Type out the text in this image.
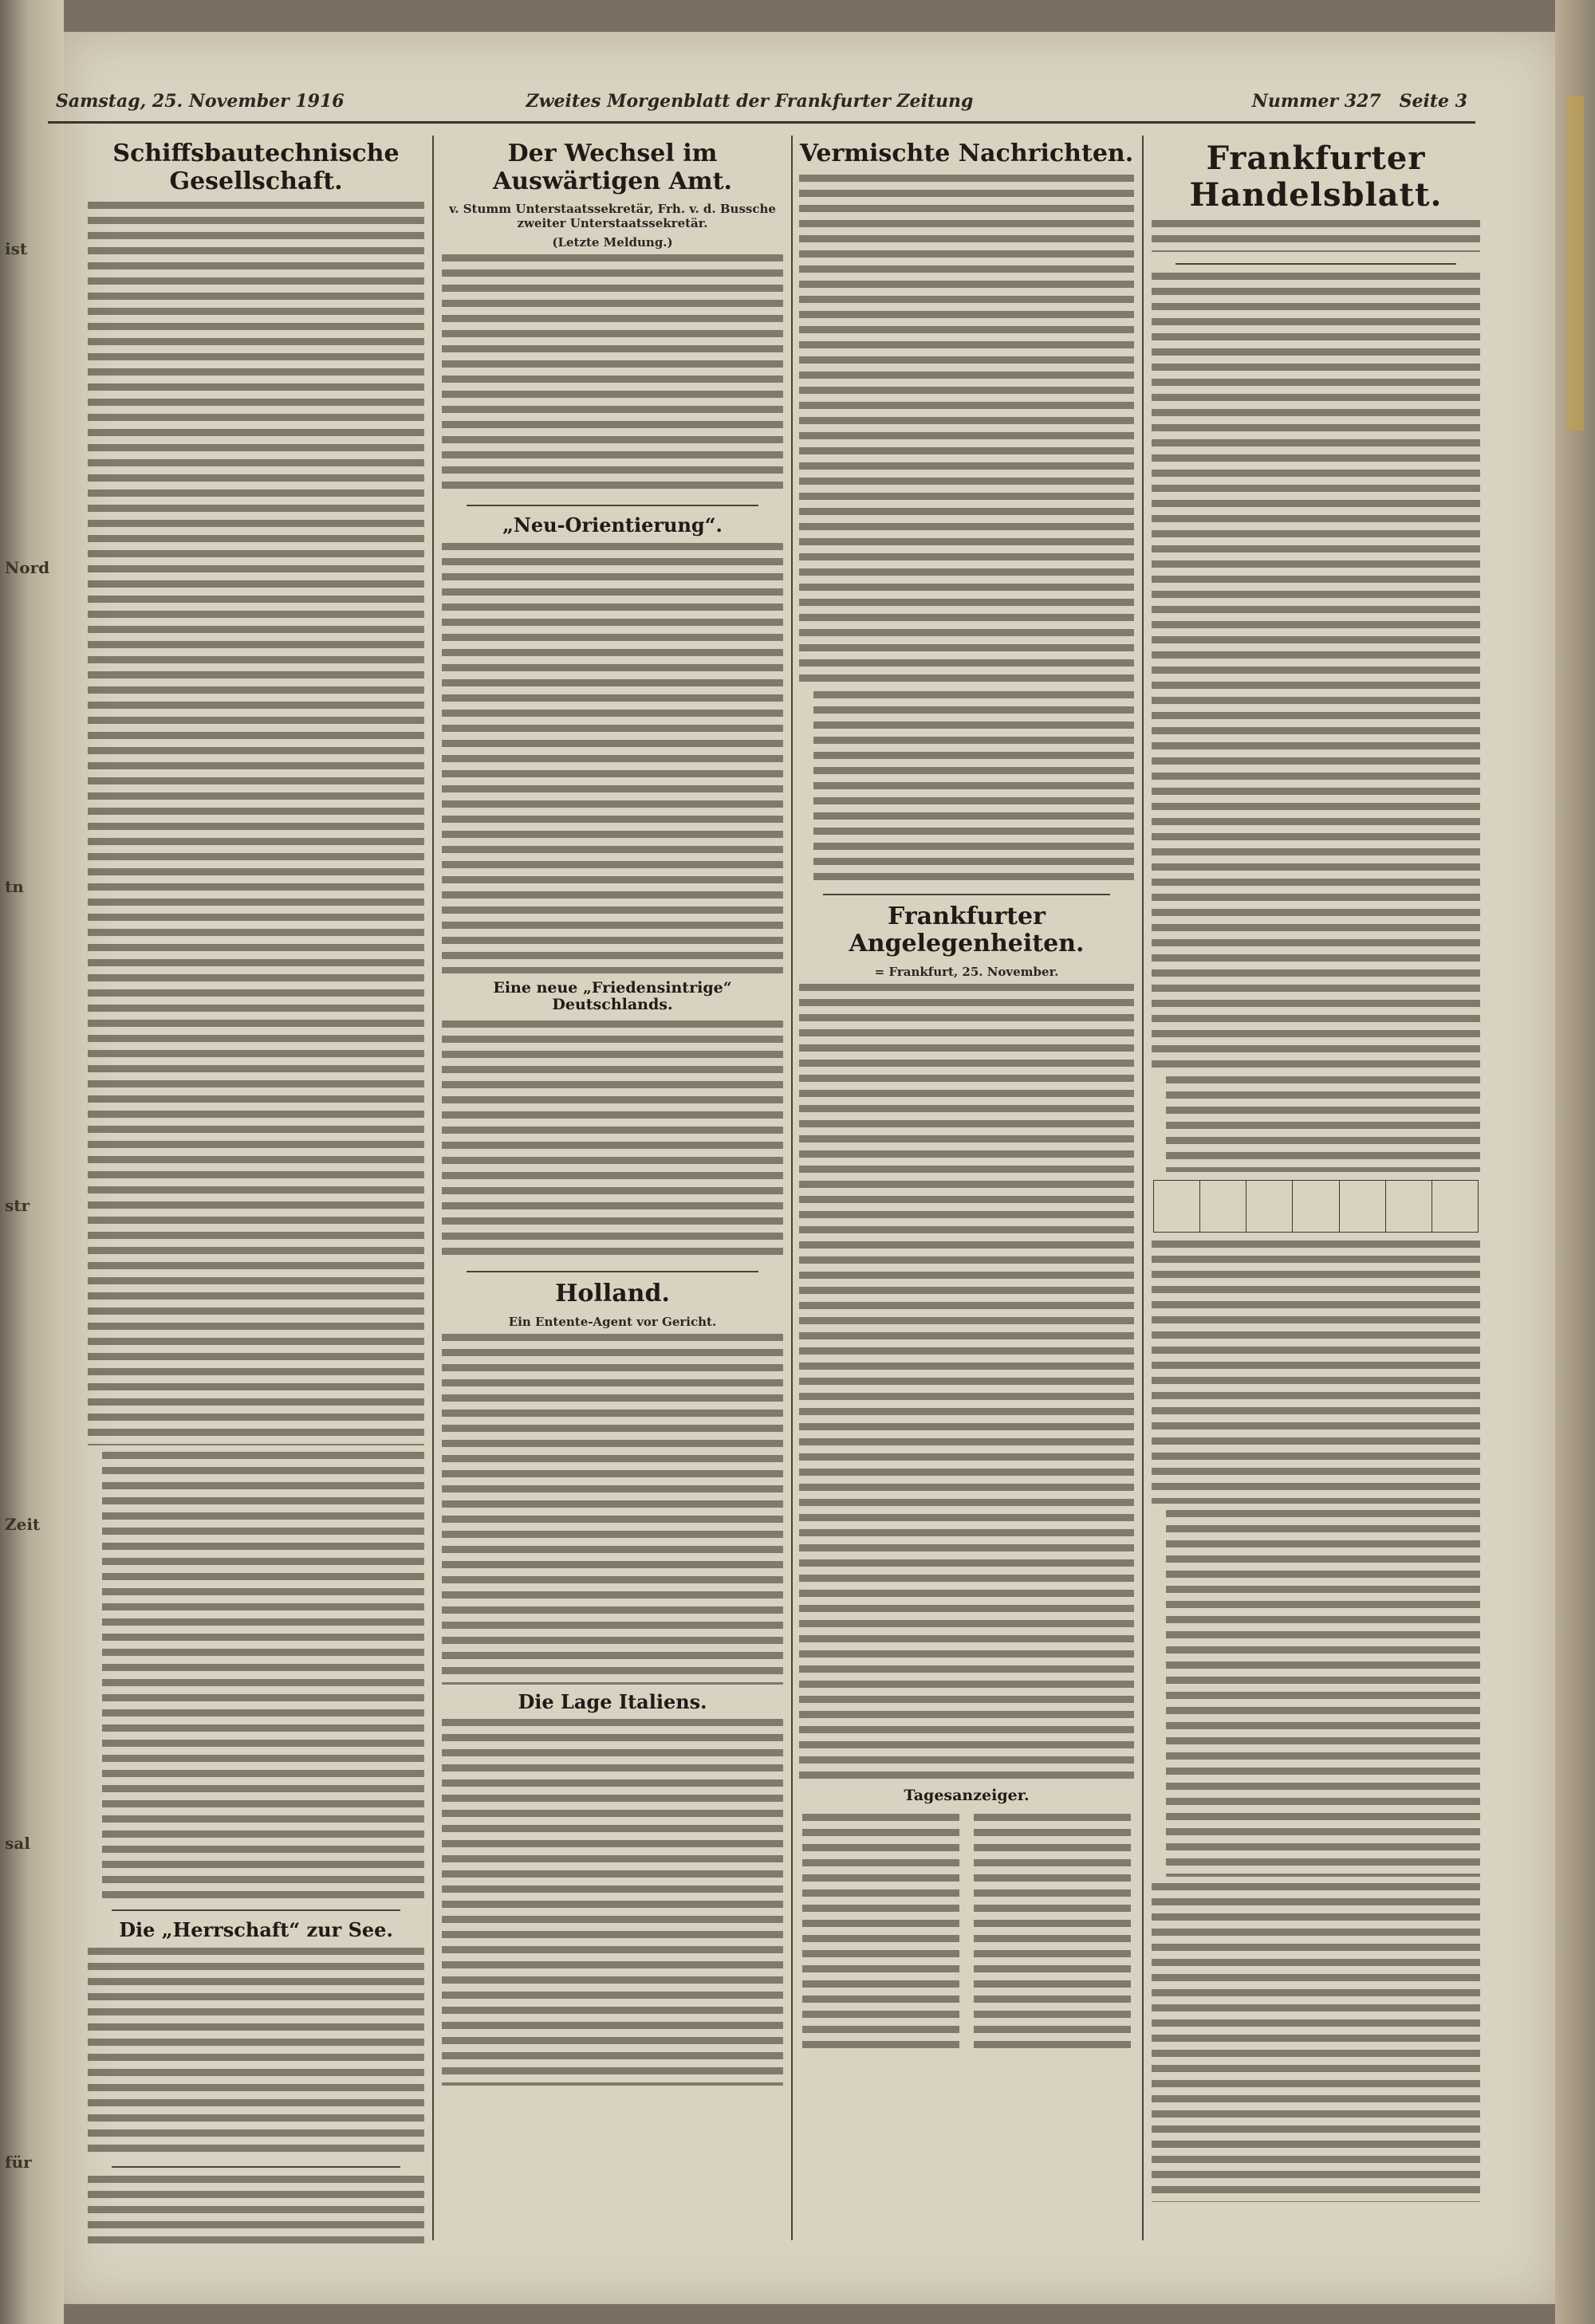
ist
Nord
tn
str
Zeit
sal
für
Samstag, 25. November 1916	Zweites Morgenblatt der Frankfurter Zeitung	Nummer 327 Seite 3
Schiffsbautechnische Gesellschaft.
Die „Herrschaft“ zur See.
Der Wechsel im Auswärtigen Amt.
v. Stumm Unterstaatssekretär, Frh. v. d. Bussche zweiter Unterstaatssekretär.
(Letzte Meldung.)
„Neu-Orientierung“.
Eine neue „Friedensintrige“ Deutschlands.
Holland.
Ein Entente-Agent vor Gericht.
Die Lage Italiens.
Vermischte Nachrichten.
Frankfurter Angelegenheiten.
= Frankfurt, 25. November.
Tagesanzeiger.
Frankfurter Handelsblatt.
